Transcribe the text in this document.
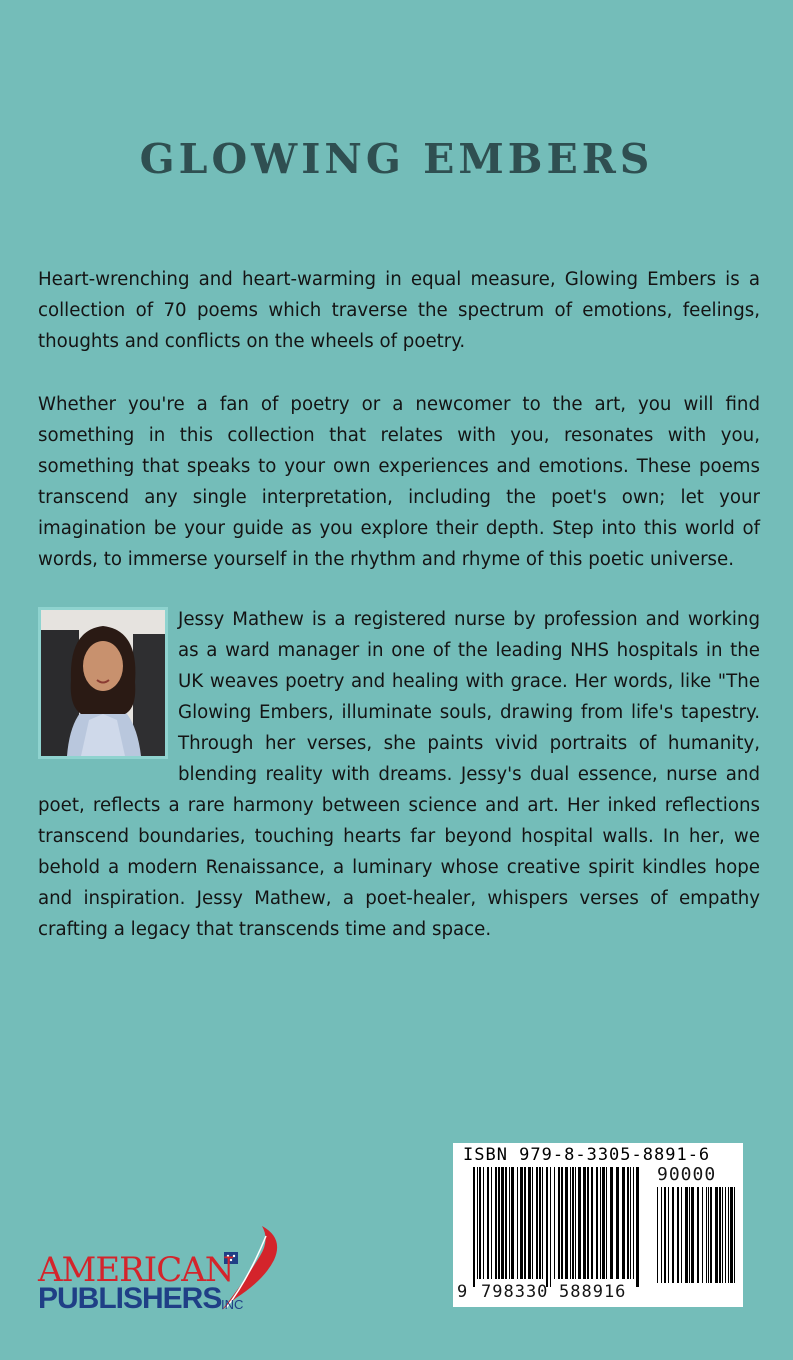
GLOWING EMBERS

Heart-wrenching and heart-warming in equal measure, Glowing Embers is a collection of 70 poems which traverse the spectrum of emotions, feelings, thoughts and conflicts on the wheels of poetry.

Whether you're a fan of poetry or a newcomer to the art, you will find something in this collection that relates with you, resonates with you, something that speaks to your own experiences and emotions. These poems transcend any single interpretation, including the poet's own; let your imagination be your guide as you explore their depth. Step into this world of words, to immerse yourself in the rhythm and rhyme of this poetic universe.

Jessy Mathew is a registered nurse by profession and working as a ward manager in one of the leading NHS hospitals in the UK weaves poetry and healing with grace. Her words, like "The Glowing Embers, illuminate souls, drawing from life's tapestry. Through her verses, she paints vivid portraits of humanity, blending reality with dreams. Jessy's dual essence, nurse and poet, reflects a rare harmony between science and art. Her inked reflections transcend boundaries, touching hearts far beyond hospital walls. In her, we behold a modern Renaissance, a luminary whose creative spirit kindles hope and inspiration. Jessy Mathew, a poet-healer, whispers verses of empathy crafting a legacy that transcends time and space.
ISBN 979-8-3305-8891-6
90000
9 798330 588916
AMERICAN
PUBLISHERS INC
